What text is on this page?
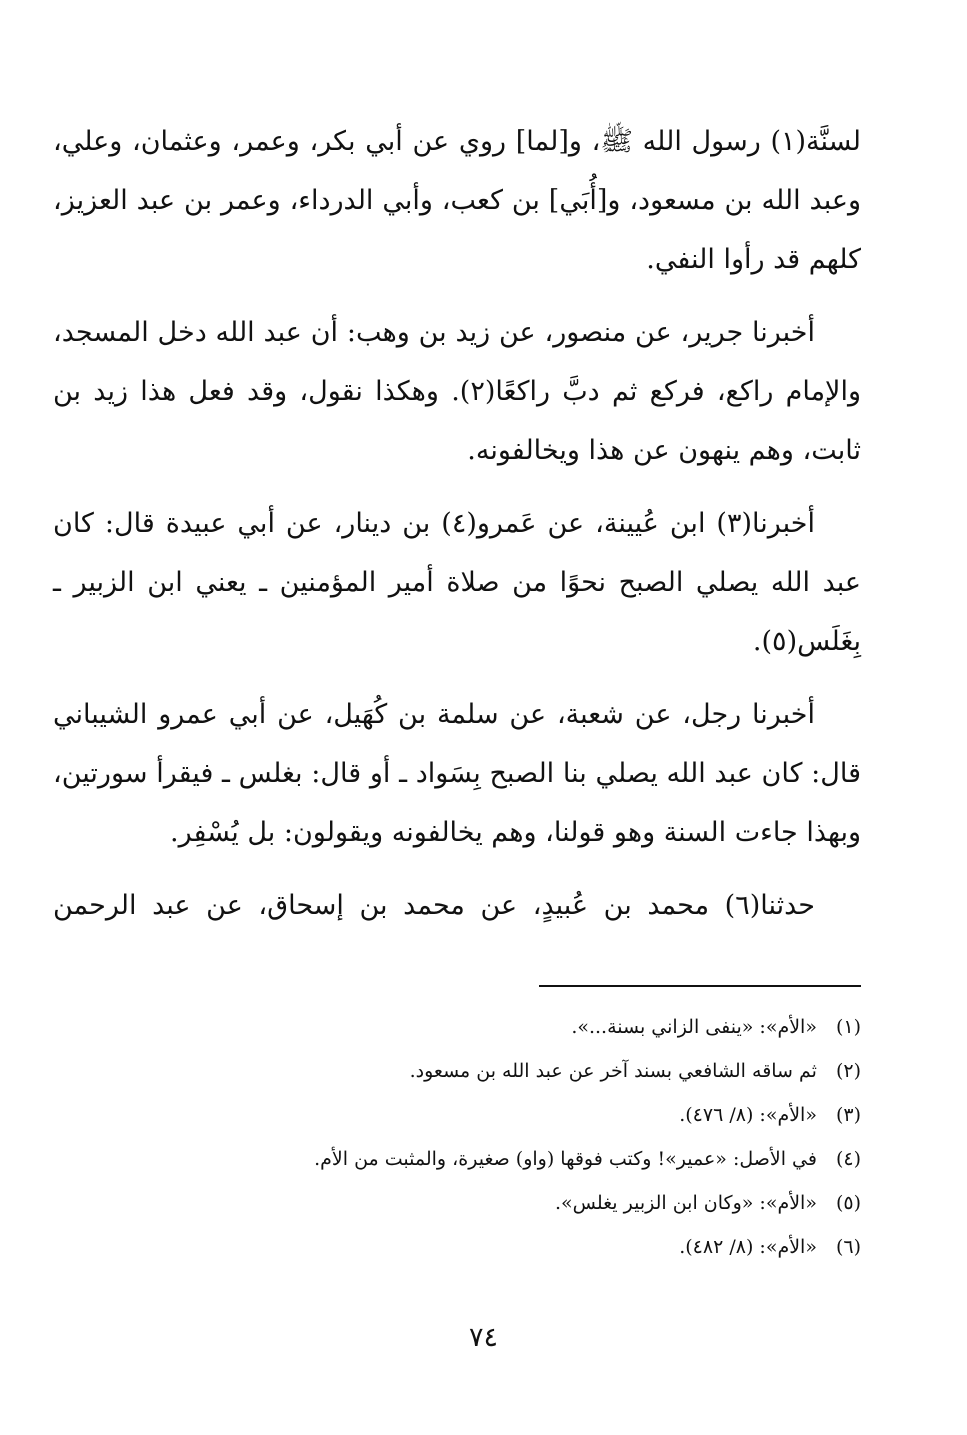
لسنَّة(١) رسول الله ﷺ، و[لما] روي عن أبي بكر، وعمر، وعثمان، وعلي، وعبد الله بن مسعود، و[أُبَي] بن كعب، وأبي الدرداء، وعمر بن عبد العزيز، كلهم قد رأوا النفي.

أخبرنا جرير، عن منصور، عن زيد بن وهب: أن عبد الله دخل المسجد، والإمام راكع، فركع ثم دبَّ راكعًا(٢). وهكذا نقول، وقد فعل هذا زيد بن ثابت، وهم ينهون عن هذا ويخالفونه.

أخبرنا(٣) ابن عُيينة، عن عَمرو(٤) بن دينار، عن أبي عبيدة قال: كان عبد الله يصلي الصبح نحوًا من صلاة أمير المؤمنين ـ يعني ابن الزبير ـ بِغَلَس(٥).

أخبرنا رجل، عن شعبة، عن سلمة بن كُهَيل، عن أبي عمرو الشيباني قال: كان عبد الله يصلي بنا الصبح بِسَواد ـ أو قال: بغلس ـ فيقرأ سورتين، وبهذا جاءت السنة وهو قولنا، وهم يخالفونه ويقولون: بل يُسْفِر.

حدثنا(٦) محمد بن عُبيدٍ، عن محمد بن إسحاق، عن عبد الرحمن

(١) «الأم»: «ينفى الزاني بسنة...».
(٢) ثم ساقه الشافعي بسند آخر عن عبد الله بن مسعود.
(٣) «الأم»: (٨/ ٤٧٦).
(٤) في الأصل: «عمير»! وكتب فوقها (واو) صغيرة، والمثبت من الأم.
(٥) «الأم»: «وكان ابن الزبير يغلس».
(٦) «الأم»: (٨/ ٤٨٢).
٧٤
